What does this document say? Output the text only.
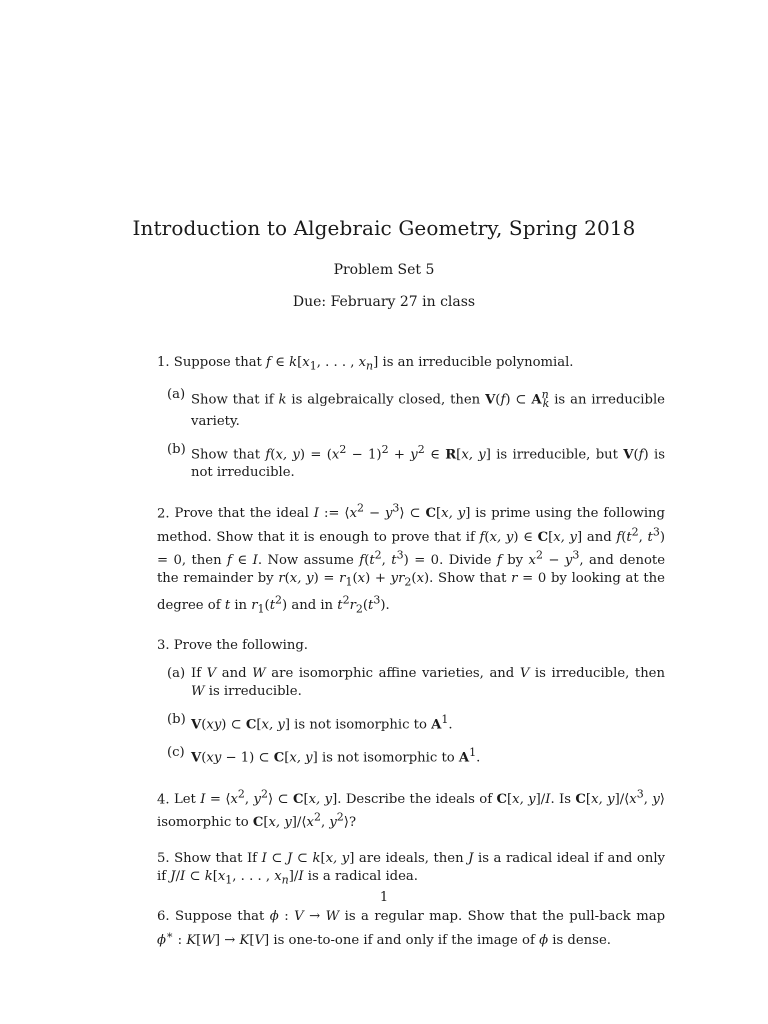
Introduction to Algebraic Geometry, Spring 2018
Problem Set 5
Due: February 27 in class

1. Suppose that f ∈ $k[x_1$, . . . , $x_n$] is an irreducible polynomial.

(a) Show that if k is algebraically closed, then V(f) ⊂ $A^n_k$ is an irreducible variety.
(b) Show that f(x, $y) = (x^2 - 1)^2 + y^2$ ∈ R[x, y] is irreducible, but V(f) is not irreducible.

2. Prove that the ideal I := $⟨x^2$ − $y^3⟩$ ⊂ C[x, y] is prime using the following method. Show that it is enough to prove that if f(x, y) ∈ C[x, y] and $f(t^2$, $t^3) = 0$, then f ∈ I. Now assume $f(t^2$, $t^3) = 0$. Divide f by $x^2 - y^3$, and denote the remainder by r(x, $y) = r_1(x) + yr_2(x)$. Show that r = 0 by looking at the degree of t in $r_1(t^2)$ and in $t^2r_2(t^3)$.

3. Prove the following.

(a) If V and W are isomorphic affine varieties, and V is irreducible, then W is irreducible.
(b) V(xy) ⊂ C[x, y] is not isomorphic to $A^1$.
(c) V(xy − 1) ⊂ C[x, y] is not isomorphic to $A^1$.

4. Let $I = ⟨x^2$, $y^2⟩$ ⊂ C[x, y]. Describe the ideals of C[x, y]/I. Is C[x, $y]/⟨x^3$, y⟩ isomorphic to C[x, $y]/⟨x^2$, $y^2⟩$?

5. Show that If I ⊂ J ⊂ k[x, y] are ideals, then J is a radical ideal if and only if J/I ⊂ $k[x_1$, . . . , $x_n]/I$ is a radical idea.

6. Suppose that ϕ : V → W is a regular map. Show that the pull-back map ϕ∗ : K[W] → K[V] is one-to-one if and only if the image of ϕ is dense.

1
